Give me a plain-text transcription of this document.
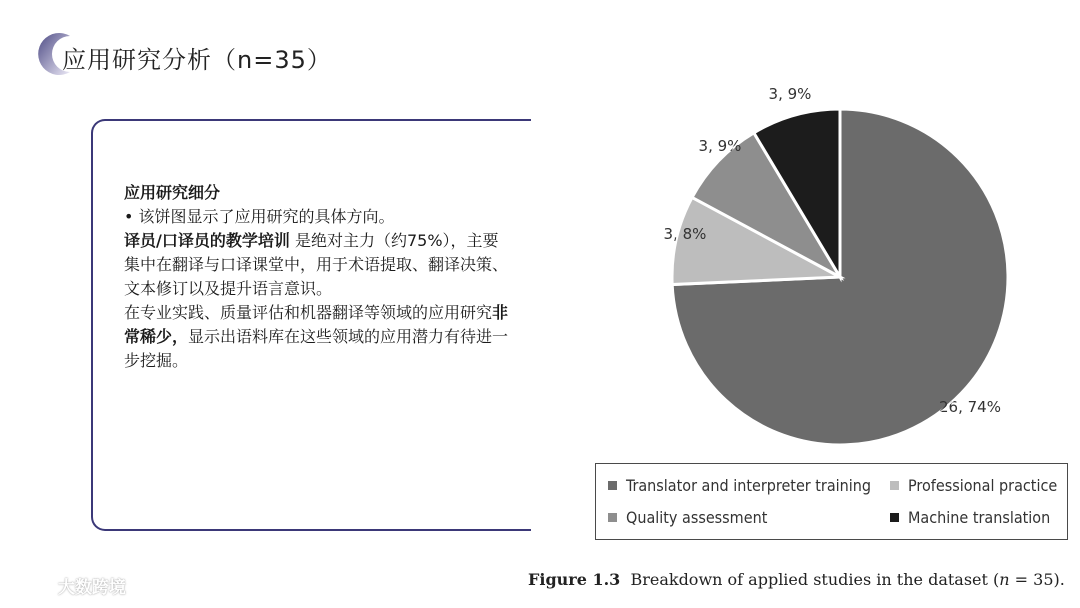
应用研究分析（n=35）

应用研究细分

• 该饼图显示了应用研究的具体方向。

译员/口译员的教学培训 是绝对主力（约75%），主要集中在翻译与口译课堂中，用于术语提取、翻译决策、文本修订以及提升语言意识。

在专业实践、质量评估和机器翻译等领域的应用研究非常稀少，显示出语料库在这些领域的应用潜力有待进一步挖掘。

26, 74%
3, 8%
3, 9%
3, 9%
Translator and interpreter training	Professional practice
Quality assessment	Machine translation
Figure 1.3 Breakdown of applied studies in the dataset (n = 35).
大数跨境
